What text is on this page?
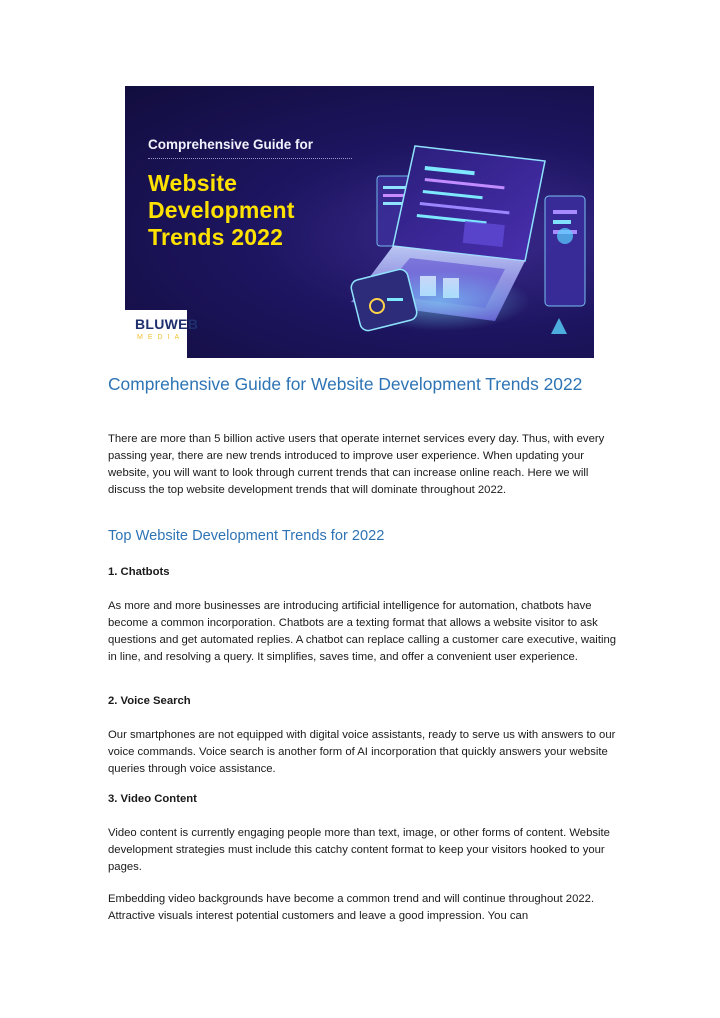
Comprehensive Guide for
Website
Development
Trends 2022
BLUWEB
MEDIA
Comprehensive Guide for Website Development Trends 2022
There are more than 5 billion active users that operate internet services every day. Thus, with every passing year, there are new trends introduced to improve user experience. When updating your website, you will want to look through current trends that can increase online reach. Here we will discuss the top website development trends that will dominate throughout 2022.
Top Website Development Trends for 2022
1. Chatbots
As more and more businesses are introducing artificial intelligence for automation, chatbots have become a common incorporation. Chatbots are a texting format that allows a website visitor to ask questions and get automated replies. A chatbot can replace calling a customer care executive, waiting in line, and resolving a query. It simplifies, saves time, and offer a convenient user experience.
2. Voice Search
Our smartphones are not equipped with digital voice assistants, ready to serve us with answers to our voice commands. Voice search is another form of AI incorporation that quickly answers your website queries through voice assistance.
3. Video Content
Video content is currently engaging people more than text, image, or other forms of content. Website development strategies must include this catchy content format to keep your visitors hooked to your pages.
Embedding video backgrounds have become a common trend and will continue throughout 2022. Attractive visuals interest potential customers and leave a good impression. You can
